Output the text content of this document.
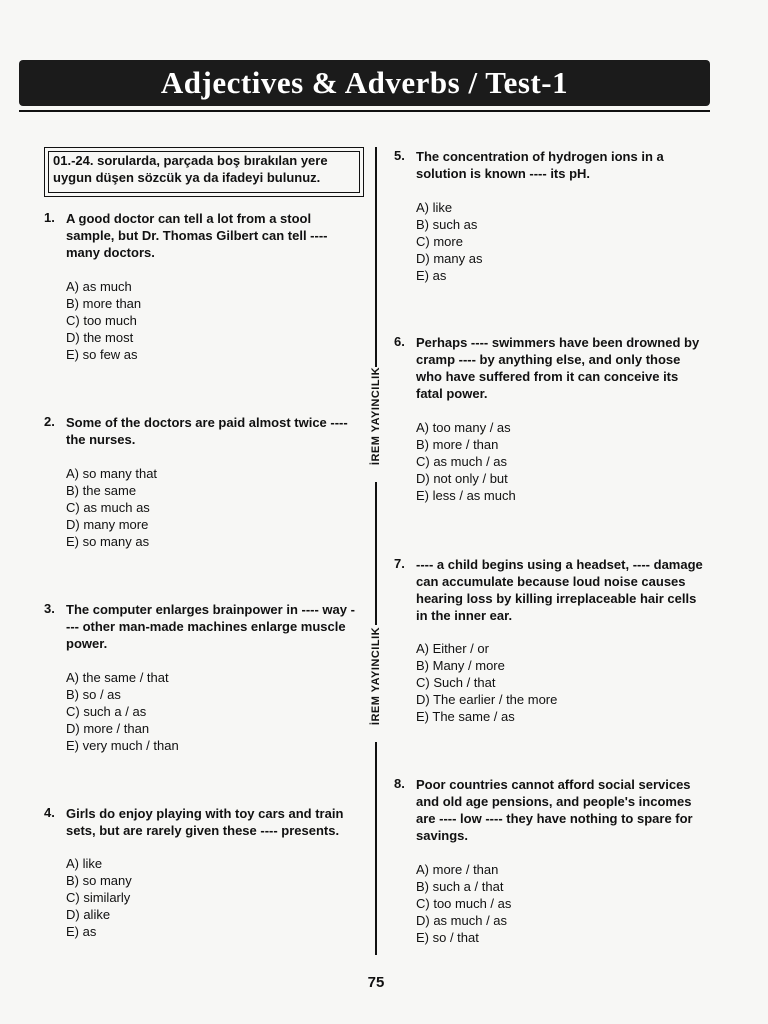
Adjectives & Adverbs / Test-1
01.-24. sorularda, parçada boş bırakılan yere uygun düşen sözcük ya da ifadeyi bulunuz.
1. A good doctor can tell a lot from a stool sample, but Dr. Thomas Gilbert can tell ---- many doctors.
A) as much
B) more than
C) too much
D) the most
E) so few as
2. Some of the doctors are paid almost twice ---- the nurses.
A) so many that
B) the same
C) as much as
D) many more
E) so many as
3. The computer enlarges brainpower in ---- way ---- other man-made machines enlarge muscle power.
A) the same / that
B) so / as
C) such a / as
D) more / than
E) very much / than
4. Girls do enjoy playing with toy cars and train sets, but are rarely given these ---- presents.
A) like
B) so many
C) similarly
D) alike
E) as
İREM YAYINCILIK
İREM YAYINCILIK
5. The concentration of hydrogen ions in a solution is known ---- its pH.
A) like
B) such as
C) more
D) many as
E) as
6. Perhaps ---- swimmers have been drowned by cramp ---- by anything else, and only those who have suffered from it can conceive its fatal power.
A) too many / as
B) more / than
C) as much / as
D) not only / but
E) less / as much
7. ---- a child begins using a headset, ---- damage can accumulate because loud noise causes hearing loss by killing irreplaceable hair cells in the inner ear.
A) Either / or
B) Many / more
C) Such / that
D) The earlier / the more
E) The same / as
8. Poor countries cannot afford social services and old age pensions, and people's incomes are ---- low ---- they have nothing to spare for savings.
A) more / than
B) such a / that
C) too much / as
D) as much / as
E) so / that
75
